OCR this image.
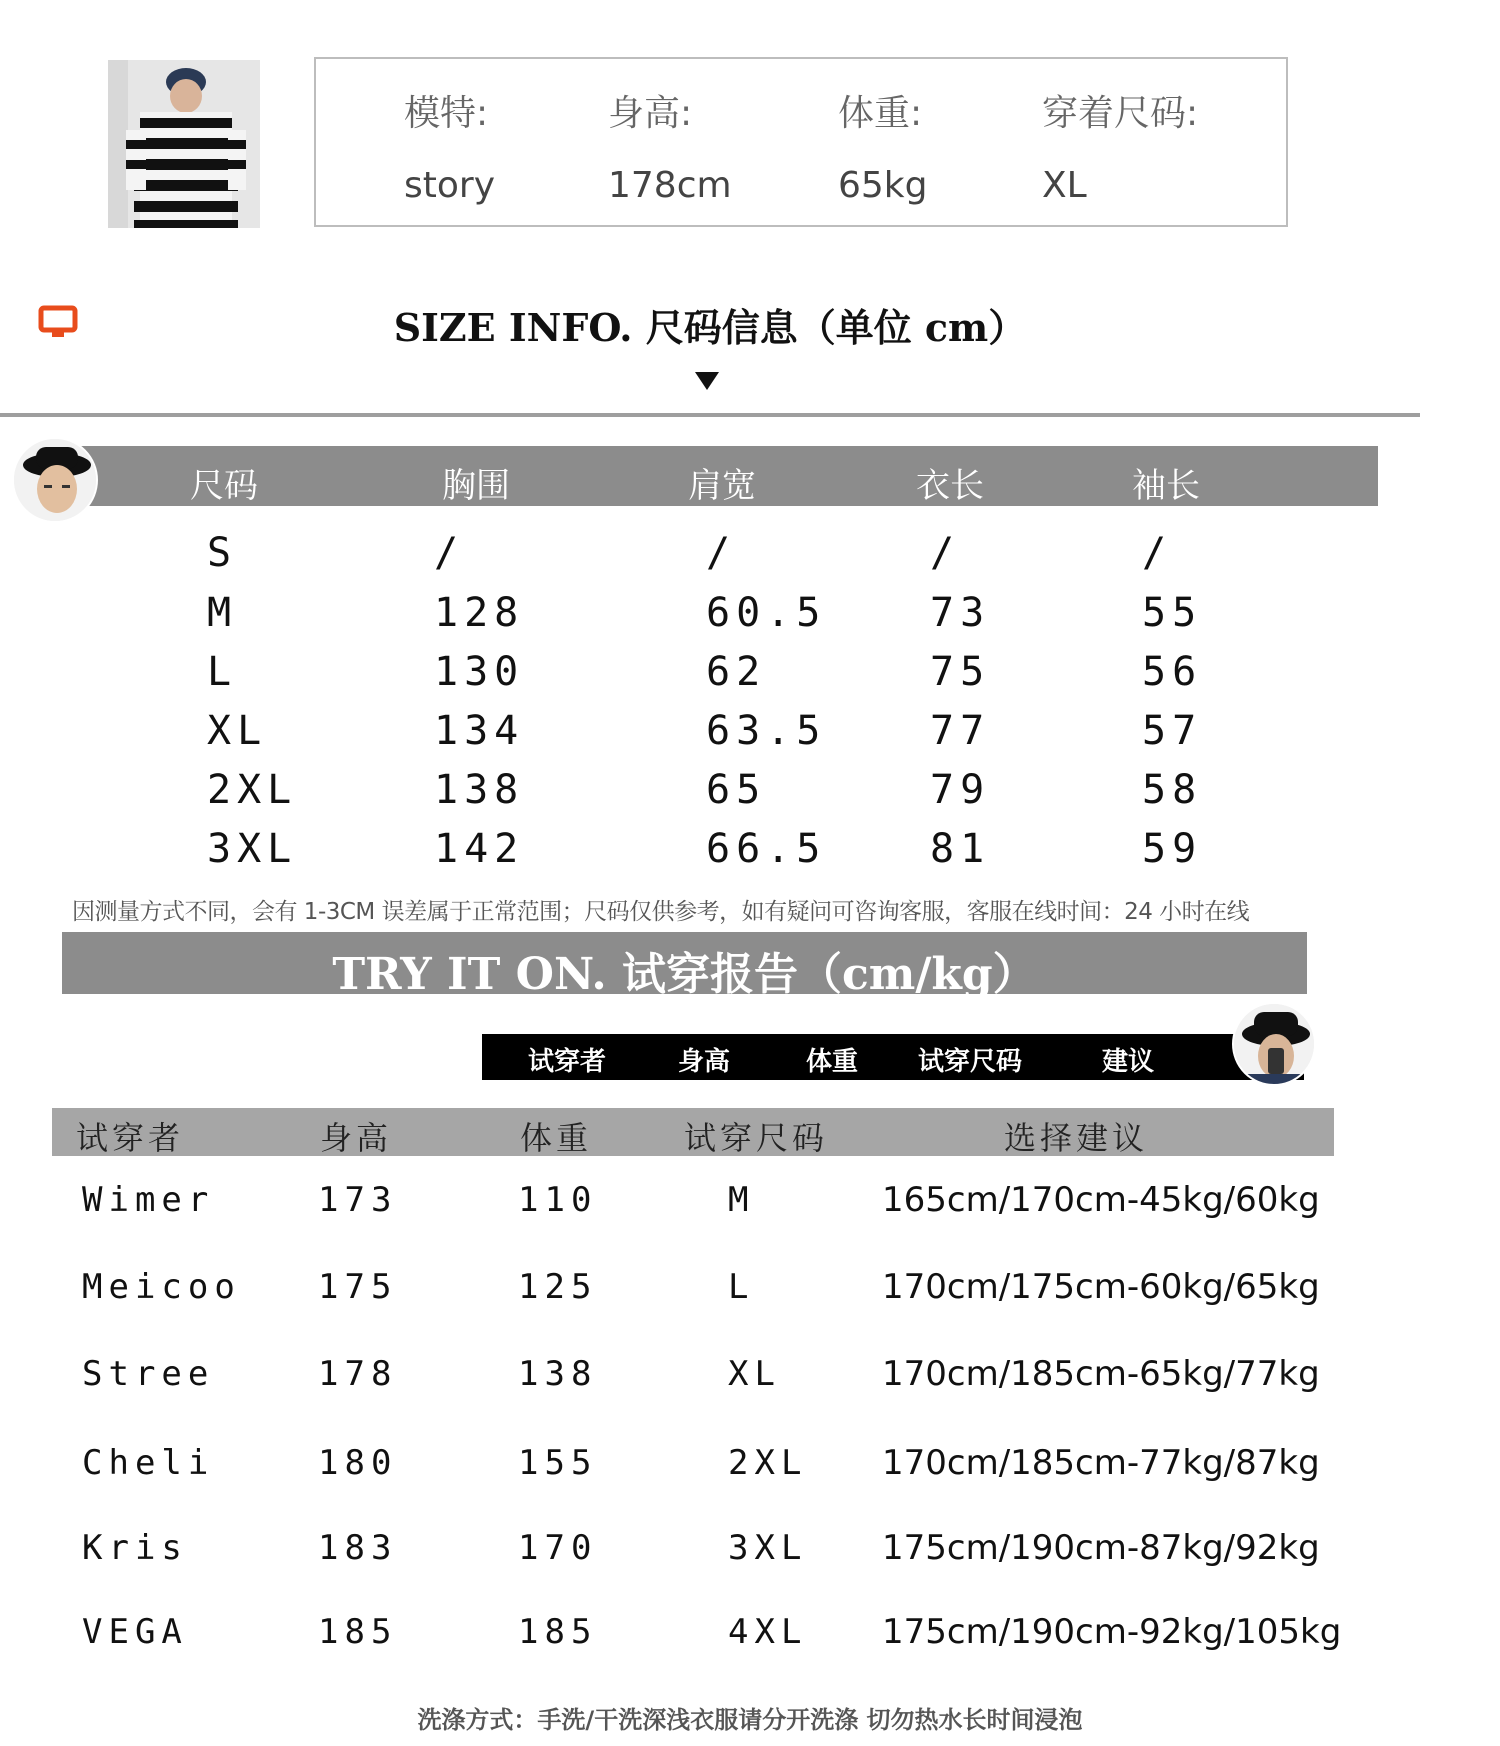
模特:
story
身高:
178cm
体重:
65kg
穿着尺码:
XL
SIZE INFO. 尺码信息（单位 cm）
尺码	胸围	肩宽	衣长	袖长
S	/	/	/	/
M	128	60.5	73	55
L	130	62	75	56
XL	134	63.5	77	57
2XL	138	65	79	58
3XL	142	66.5	81	59
因测量方式不同，会有 1-3CM 误差属于正常范围；尺码仅供参考，如有疑问可咨询客服，客服在线时间：24 小时在线
TRY IT ON. 试穿报告（cm/kg）
试穿者	身高	体重 试穿尺码	建议
试穿者	身高	体重	试穿尺码	选择建议
Wimer	173	110	M	165cm/170cm-45kg/60kg
Meicoo 175	125	L	170cm/175cm-60kg/65kg
Stree	178	138	XL	170cm/185cm-65kg/77kg
Cheli	180	155	2XL 170cm/185cm-77kg/87kg
Kris	183	170	3XL 175cm/190cm-87kg/92kg
VEGA	185	185	4XL 175cm/190cm-92kg/105kg
洗涤方式：手洗/干洗深浅衣服请分开洗涤 切勿热水长时间浸泡
